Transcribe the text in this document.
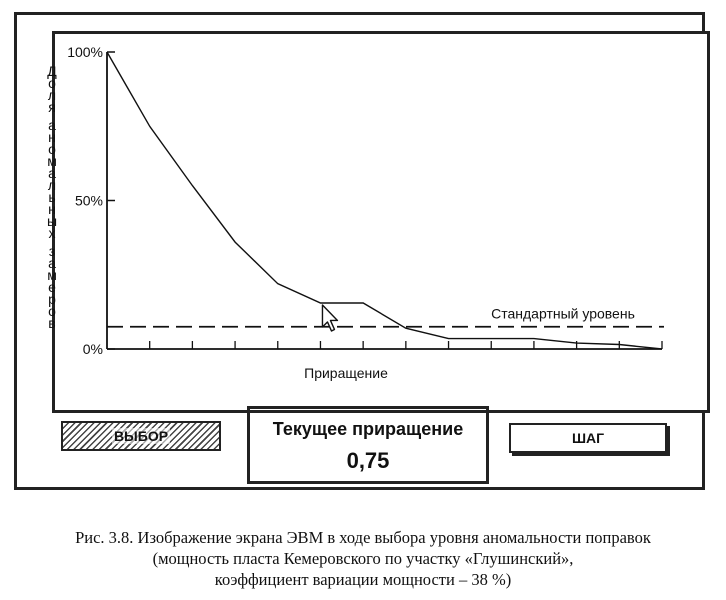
100%
50%
0%
Стандартный уровень
Приращение
Д
о
л
я
а
н
о
м
а
л
ь
н
ы
х
з
а
м
е
р
о
в
ВЫБОР	Текущее приращение
0,75
ШАГ
Рис. 3.8. Изображение экрана ЭВМ в ходе выбора уровня аномальности поправок
(мощность пласта Кемеровского по участку «Глушинский»,
коэффициент вариации мощности – 38 %)
